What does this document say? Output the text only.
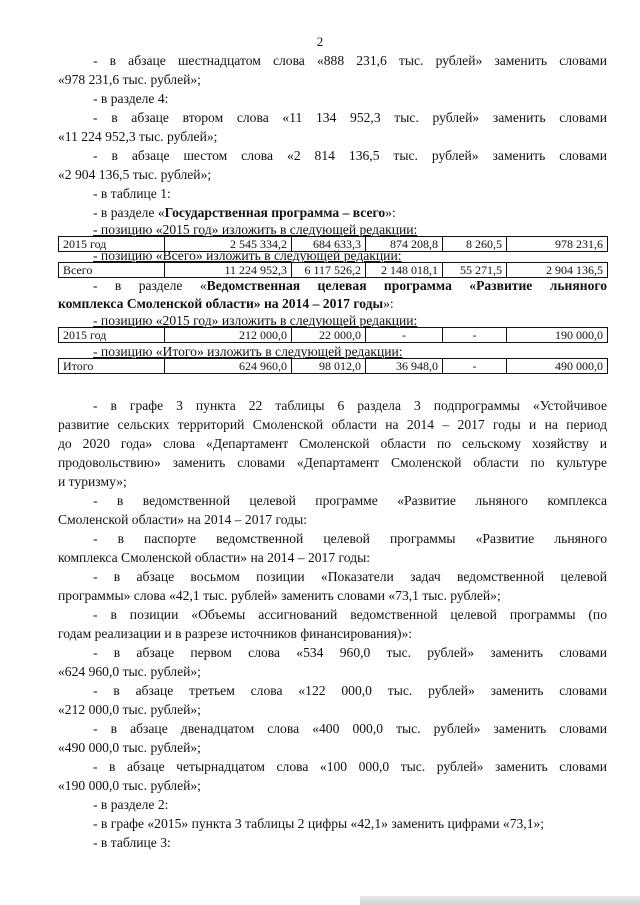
2
- в абзаце шестнадцатом слова «888 231,6 тыс. рублей» заменить словами
«978 231,6 тыс. рублей»;
- в разделе 4:
- в абзаце втором слова «11 134 952,3 тыс. рублей» заменить словами
«11 224 952,3 тыс. рублей»;
- в абзаце шестом слова «2 814 136,5 тыс. рублей» заменить словами
«2 904 136,5 тыс. рублей»;
- в таблице 1:
- в разделе «Государственная программа – всего»:
- позицию «2015 год» изложить в следующей редакции:
2015 год	2 545 334,2	684 633,3	874 208,8	8 260,5	978 231,6
- позицию «Всего» изложить в следующей редакции:
Всего	11 224 952,3	6 117 526,2	2 148 018,1	55 271,5	2 904 136,5
- в разделе «Ведомственная целевая программа «Развитие льняного
комплекса Смоленской области» на 2014 – 2017 годы»:
- позицию «2015 год» изложить в следующей редакции:
2015 год	212 000,0	22 000,0	-	-	190 000,0
- позицию «Итого» изложить в следующей редакции:
Итого	624 960,0	98 012,0	36 948,0	-	490 000,0
- в графе 3 пункта 22 таблицы 6 раздела 3 подпрограммы «Устойчивое
развитие сельских территорий Смоленской области на 2014 – 2017 годы и на период
до 2020 года» слова «Департамент Смоленской области по сельскому хозяйству и
продовольствию» заменить словами «Департамент Смоленской области по культуре
и туризму»;
- в ведомственной целевой программе «Развитие льняного комплекса
Смоленской области» на 2014 – 2017 годы:
- в паспорте ведомственной целевой программы «Развитие льняного
комплекса Смоленской области» на 2014 – 2017 годы:
- в абзаце восьмом позиции «Показатели задач ведомственной целевой
программы» слова «42,1 тыс. рублей» заменить словами «73,1 тыс. рублей»;
- в позиции «Объемы ассигнований ведомственной целевой программы (по
годам реализации и в разрезе источников финансирования)»:
- в абзаце первом слова «534 960,0 тыс. рублей» заменить словами
«624 960,0 тыс. рублей»;
- в абзаце третьем слова «122 000,0 тыс. рублей» заменить словами
«212 000,0 тыс. рублей»;
- в абзаце двенадцатом слова «400 000,0 тыс. рублей» заменить словами
«490 000,0 тыс. рублей»;
- в абзаце четырнадцатом слова «100 000,0 тыс. рублей» заменить словами
«190 000,0 тыс. рублей»;
- в разделе 2:
- в графе «2015» пункта 3 таблицы 2 цифры «42,1» заменить цифрами «73,1»;
- в таблице 3:
